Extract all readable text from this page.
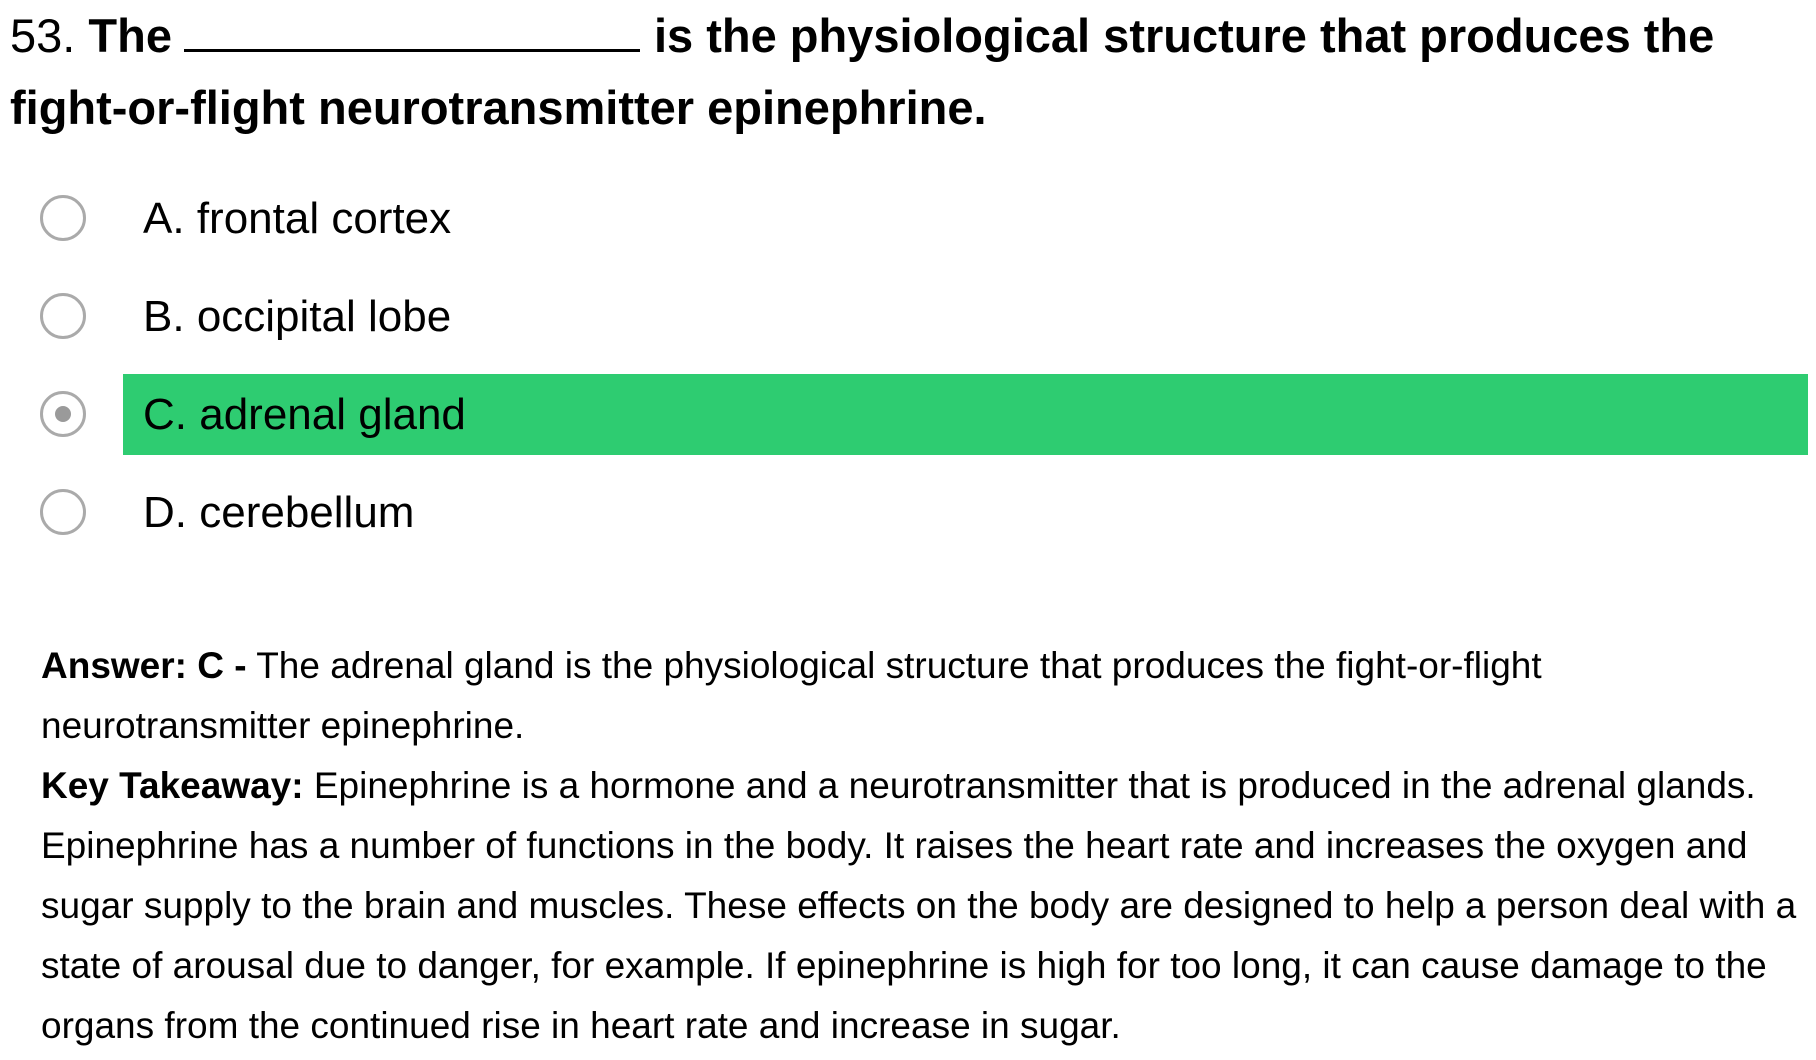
53. The	is the physiological structure that produces the fight-or-flight neurotransmitter epinephrine.

A. frontal cortex
B. occipital lobe
C. adrenal gland
D. cerebellum

Answer: C - The adrenal gland is the physiological structure that produces the fight-or-flight neurotransmitter epinephrine.

Key Takeaway: Epinephrine is a hormone and a neurotransmitter that is produced in the adrenal glands. Epinephrine has a number of functions in the body. It raises the heart rate and increases the oxygen and sugar supply to the brain and muscles. These effects on the body are designed to help a person deal with a state of arousal due to danger, for example. If epinephrine is high for too long, it can cause damage to the organs from the continued rise in heart rate and increase in sugar.
